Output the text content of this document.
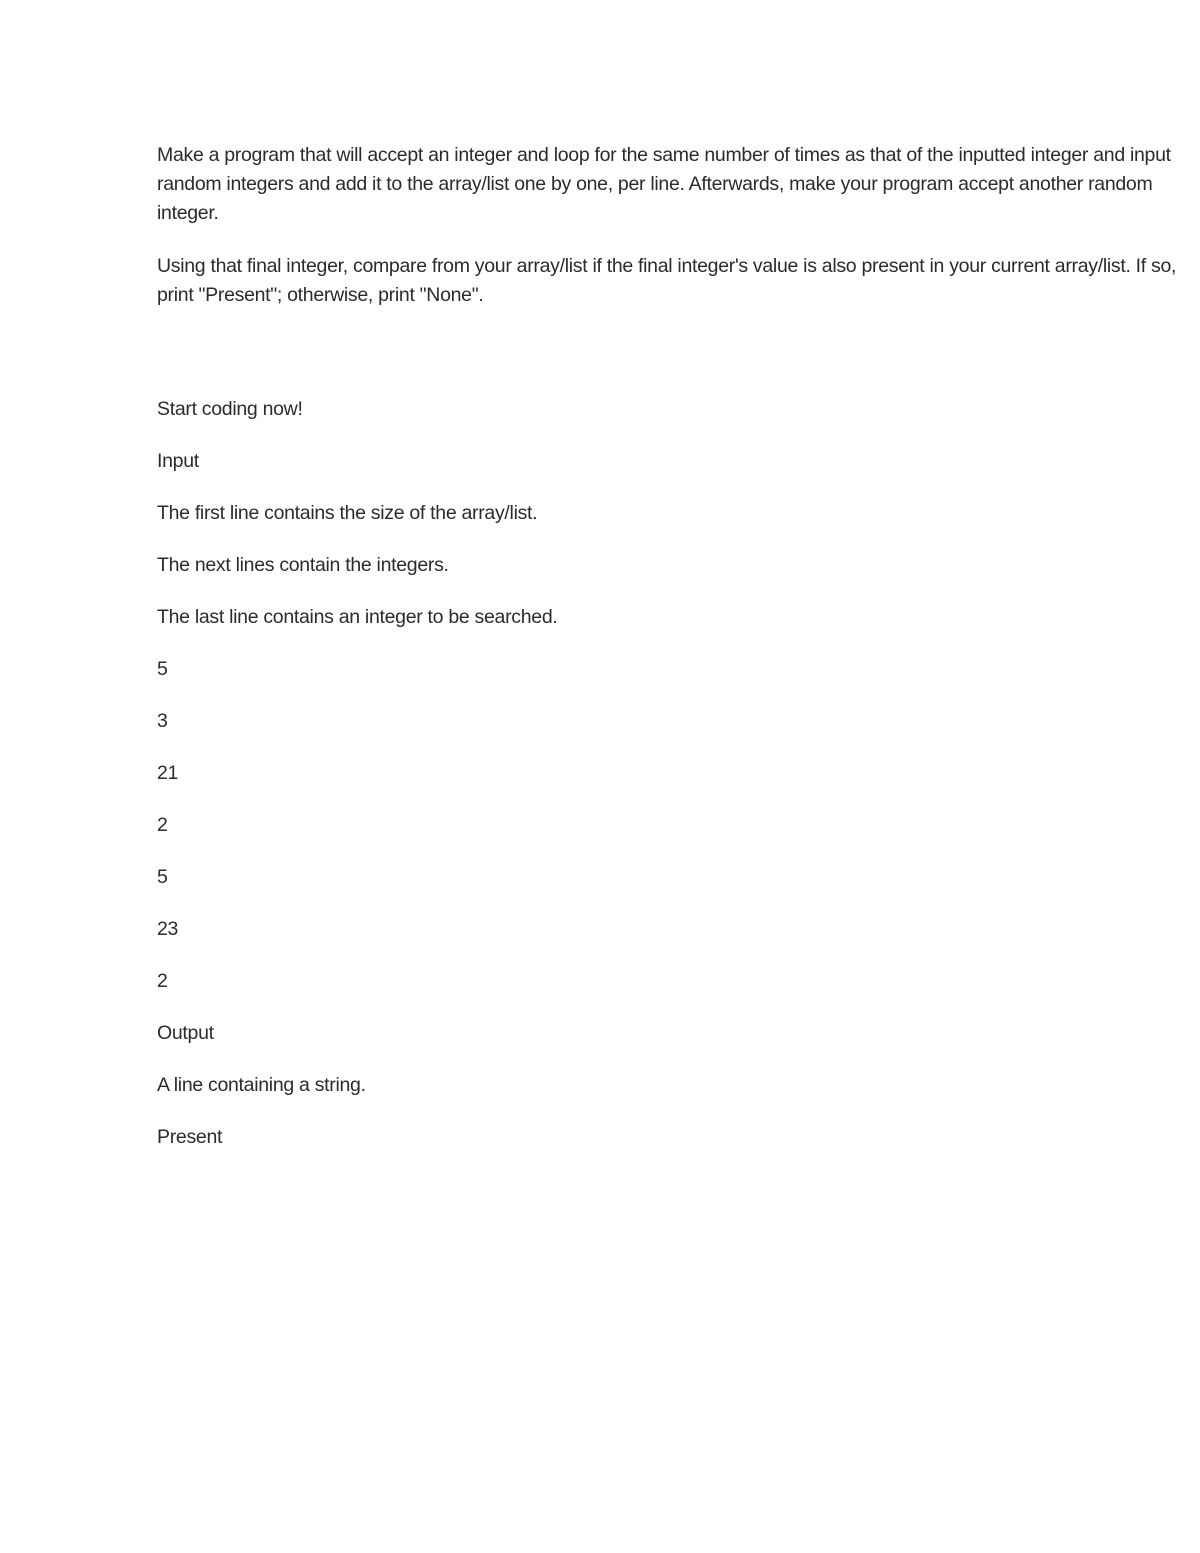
Make a program that will accept an integer and loop for the same number of times as that of the inputted integer and input random integers and add it to the array/list one by one, per line. Afterwards, make your program accept another random integer.

Using that final integer, compare from your array/list if the final integer's value is also present in your current array/list. If so, print "Present"; otherwise, print "None".

Start coding now!

Input

The first line contains the size of the array/list.

The next lines contain the integers.

The last line contains an integer to be searched.

5

3

21

2

5

23

2

Output

A line containing a string.

Present
